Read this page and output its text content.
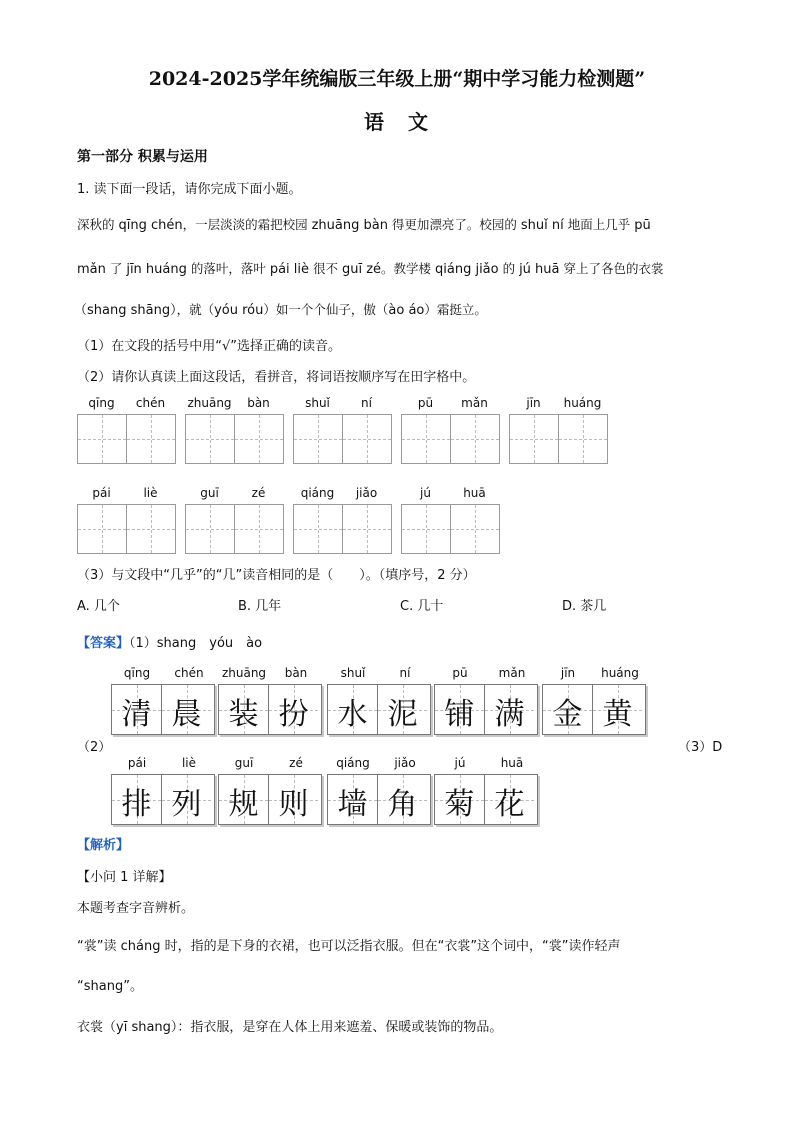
2024-2025学年统编版三年级上册“期中学习能力检测题”
语 文
第一部分 积累与运用
1. 读下面一段话，请你完成下面小题。
深秋的 qīng chén，一层淡淡的霜把校园 zhuāng bàn 得更加漂亮了。校园的 shuǐ ní 地面上几乎 pū
mǎn 了 jīn huáng 的落叶，落叶 pái liè 很不 guī zé。教学楼 qiáng jiǎo 的 jú huā 穿上了各色的衣裳
（shang shāng），就（yóu róu）如一个个仙子，傲（ào áo）霜挺立。
（1）在文段的括号中用“√”选择正确的读音。
（2）请你认真读上面这段话，看拼音，将词语按顺序写在田字格中。
qīng	chén	zhuāng	bàn	shuǐ	ní	pū	mǎn	jīn	huáng
pái	liè	guī	zé	qiáng	jiǎo	jú	huā
（3）与文段中“几乎”的“几”读音相同的是（　　）。（填序号，2 分）
A. 几个	B. 几年	C. 几十	D. 茶几
【答案】（1）shang　yóu　ào
（2）	（3）D
qīng	chén
清 晨
zhuāng	bàn
装 扮
shuǐ	ní
水 泥
pū	mǎn
铺 满
jīn	huáng
金 黄
pái	liè
排 列
guī	zé
规 则
qiáng	jiǎo
墙 角
jú	huā
菊 花
【解析】
【小问 1 详解】
本题考查字音辨析。
“裳”读 cháng 时，指的是下身的衣裙，也可以泛指衣服。但在“衣裳”这个词中，“裳”读作轻声
“shang”。
衣裳（yī shang）：指衣服，是穿在人体上用来遮羞、保暖或装饰的物品。
